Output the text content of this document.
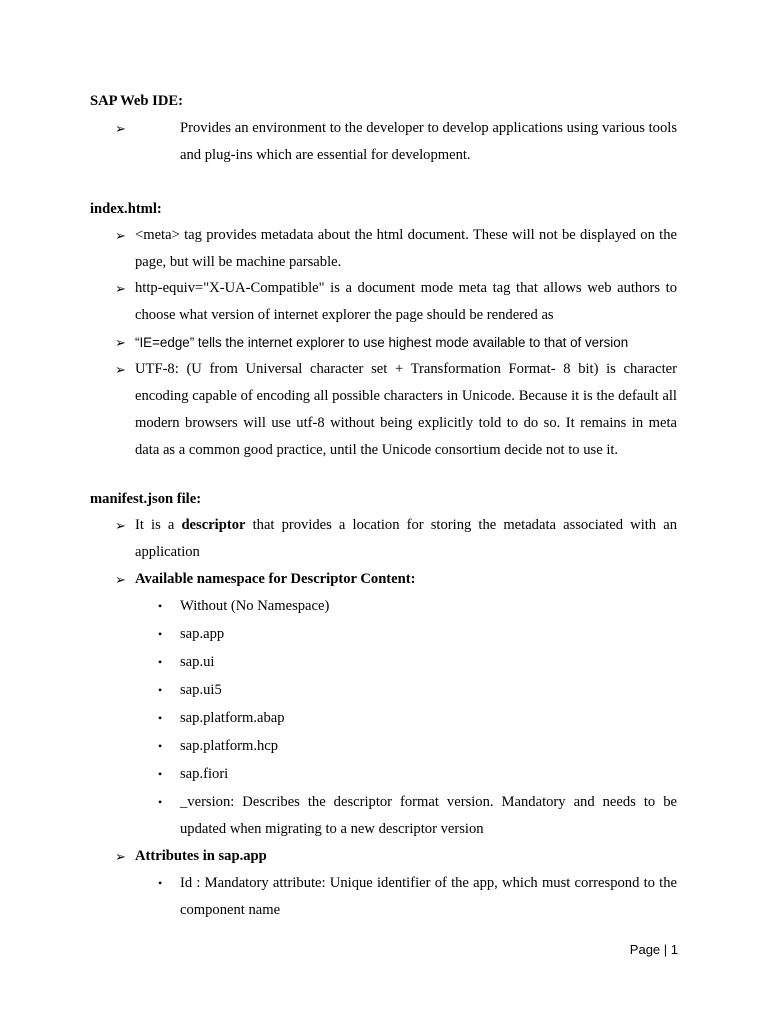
SAP Web IDE:
➢	Provides an environment to the developer to develop applications using various tools and plug-ins which are essential for development.
index.html:
➢ <meta> tag provides metadata about the html document. These will not be displayed on the page, but will be machine parsable.
➢ http-equiv="X-UA-Compatible" is a document mode meta tag that allows web authors to choose what version of internet explorer the page should be rendered as
➢ “IE=edge” tells the internet explorer to use highest mode available to that of version
➢ UTF-8: (U from Universal character set + Transformation Format- 8 bit) is character encoding capable of encoding all possible characters in Unicode. Because it is the default all modern browsers will use utf-8 without being explicitly told to do so. It remains in meta data as a common good practice, until the Unicode consortium decide not to use it.
manifest.json file:
➢ It is a descriptor that provides a location for storing the metadata associated with an application
➢ Available namespace for Descriptor Content:
• Without (No Namespace)
• sap.app
• sap.ui
• sap.ui5
• sap.platform.abap
• sap.platform.hcp
• sap.fiori
• _version: Describes the descriptor format version. Mandatory and needs to be updated when migrating to a new descriptor version
➢ Attributes in sap.app
• Id : Mandatory attribute: Unique identifier of the app, which must correspond to the component name
Page | 1
